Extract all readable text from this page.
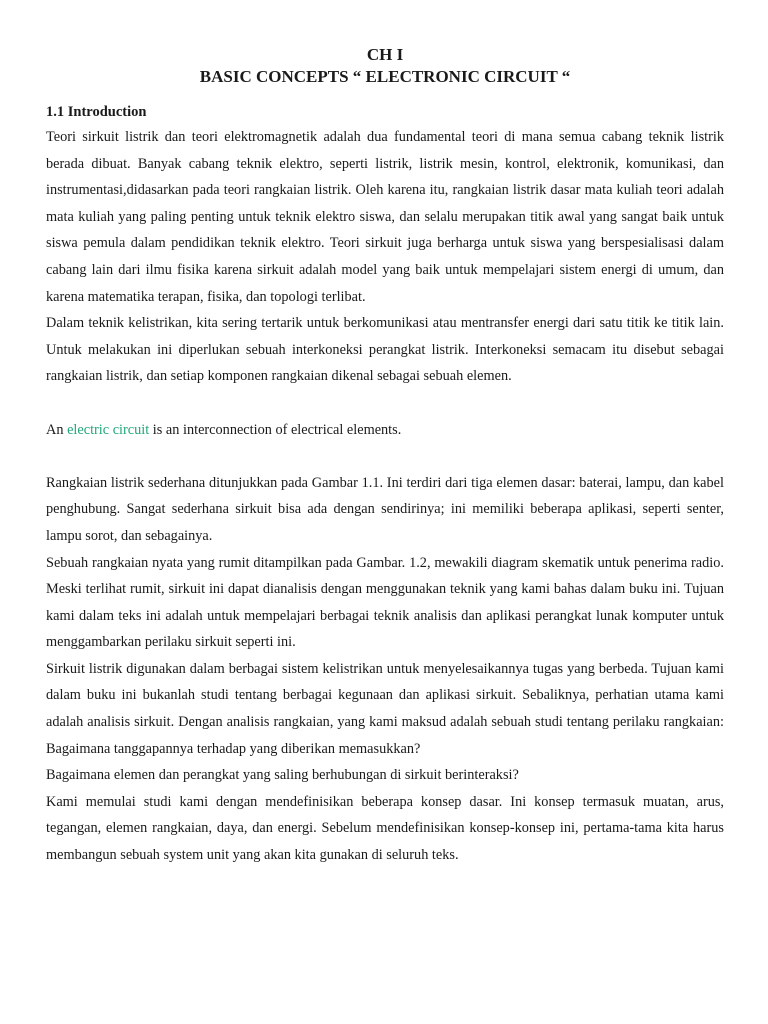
CH I
BASIC CONCEPTS “ ELECTRONIC CIRCUIT “
1.1 Introduction

Teori sirkuit listrik dan teori elektromagnetik adalah dua fundamental teori di mana semua cabang teknik listrik berada dibuat. Banyak cabang teknik elektro, seperti listrik, listrik mesin, kontrol, elektronik, komunikasi, dan instrumentasi,didasarkan pada teori rangkaian listrik. Oleh karena itu, rangkaian listrik dasar mata kuliah teori adalah mata kuliah yang paling penting untuk teknik elektro siswa, dan selalu merupakan titik awal yang sangat baik untuk siswa pemula dalam pendidikan teknik elektro. Teori sirkuit juga berharga untuk siswa yang berspesialisasi dalam cabang lain dari ilmu fisika karena sirkuit adalah model yang baik untuk mempelajari sistem energi di umum, dan karena matematika terapan, fisika, dan topologi terlibat.

Dalam teknik kelistrikan, kita sering tertarik untuk berkomunikasi atau mentransfer energi dari satu titik ke titik lain. Untuk melakukan ini diperlukan sebuah interkoneksi perangkat listrik. Interkoneksi semacam itu disebut sebagai rangkaian listrik, dan setiap komponen rangkaian dikenal sebagai sebuah elemen.

An electric circuit is an interconnection of electrical elements.

Rangkaian listrik sederhana ditunjukkan pada Gambar 1.1. Ini terdiri dari tiga elemen dasar: baterai, lampu, dan kabel penghubung. Sangat sederhana sirkuit bisa ada dengan sendirinya; ini memiliki beberapa aplikasi, seperti senter, lampu sorot, dan sebagainya.

Sebuah rangkaian nyata yang rumit ditampilkan pada Gambar. 1.2, mewakili diagram skematik untuk penerima radio. Meski terlihat rumit, sirkuit ini dapat dianalisis dengan menggunakan teknik yang kami bahas dalam buku ini. Tujuan kami dalam teks ini adalah untuk mempelajari berbagai teknik analisis dan aplikasi perangkat lunak komputer untuk menggambarkan perilaku sirkuit seperti ini.

Sirkuit listrik digunakan dalam berbagai sistem kelistrikan untuk menyelesaikannya tugas yang berbeda. Tujuan kami dalam buku ini bukanlah studi tentang berbagai kegunaan dan aplikasi sirkuit. Sebaliknya, perhatian utama kami adalah analisis sirkuit. Dengan analisis rangkaian, yang kami maksud adalah sebuah studi tentang perilaku rangkaian: Bagaimana tanggapannya terhadap yang diberikan memasukkan?

Bagaimana elemen dan perangkat yang saling berhubungan di sirkuit berinteraksi?

Kami memulai studi kami dengan mendefinisikan beberapa konsep dasar. Ini konsep termasuk muatan, arus, tegangan, elemen rangkaian, daya, dan energi. Sebelum mendefinisikan konsep-konsep ini, pertama-tama kita harus membangun sebuah system unit yang akan kita gunakan di seluruh teks.
